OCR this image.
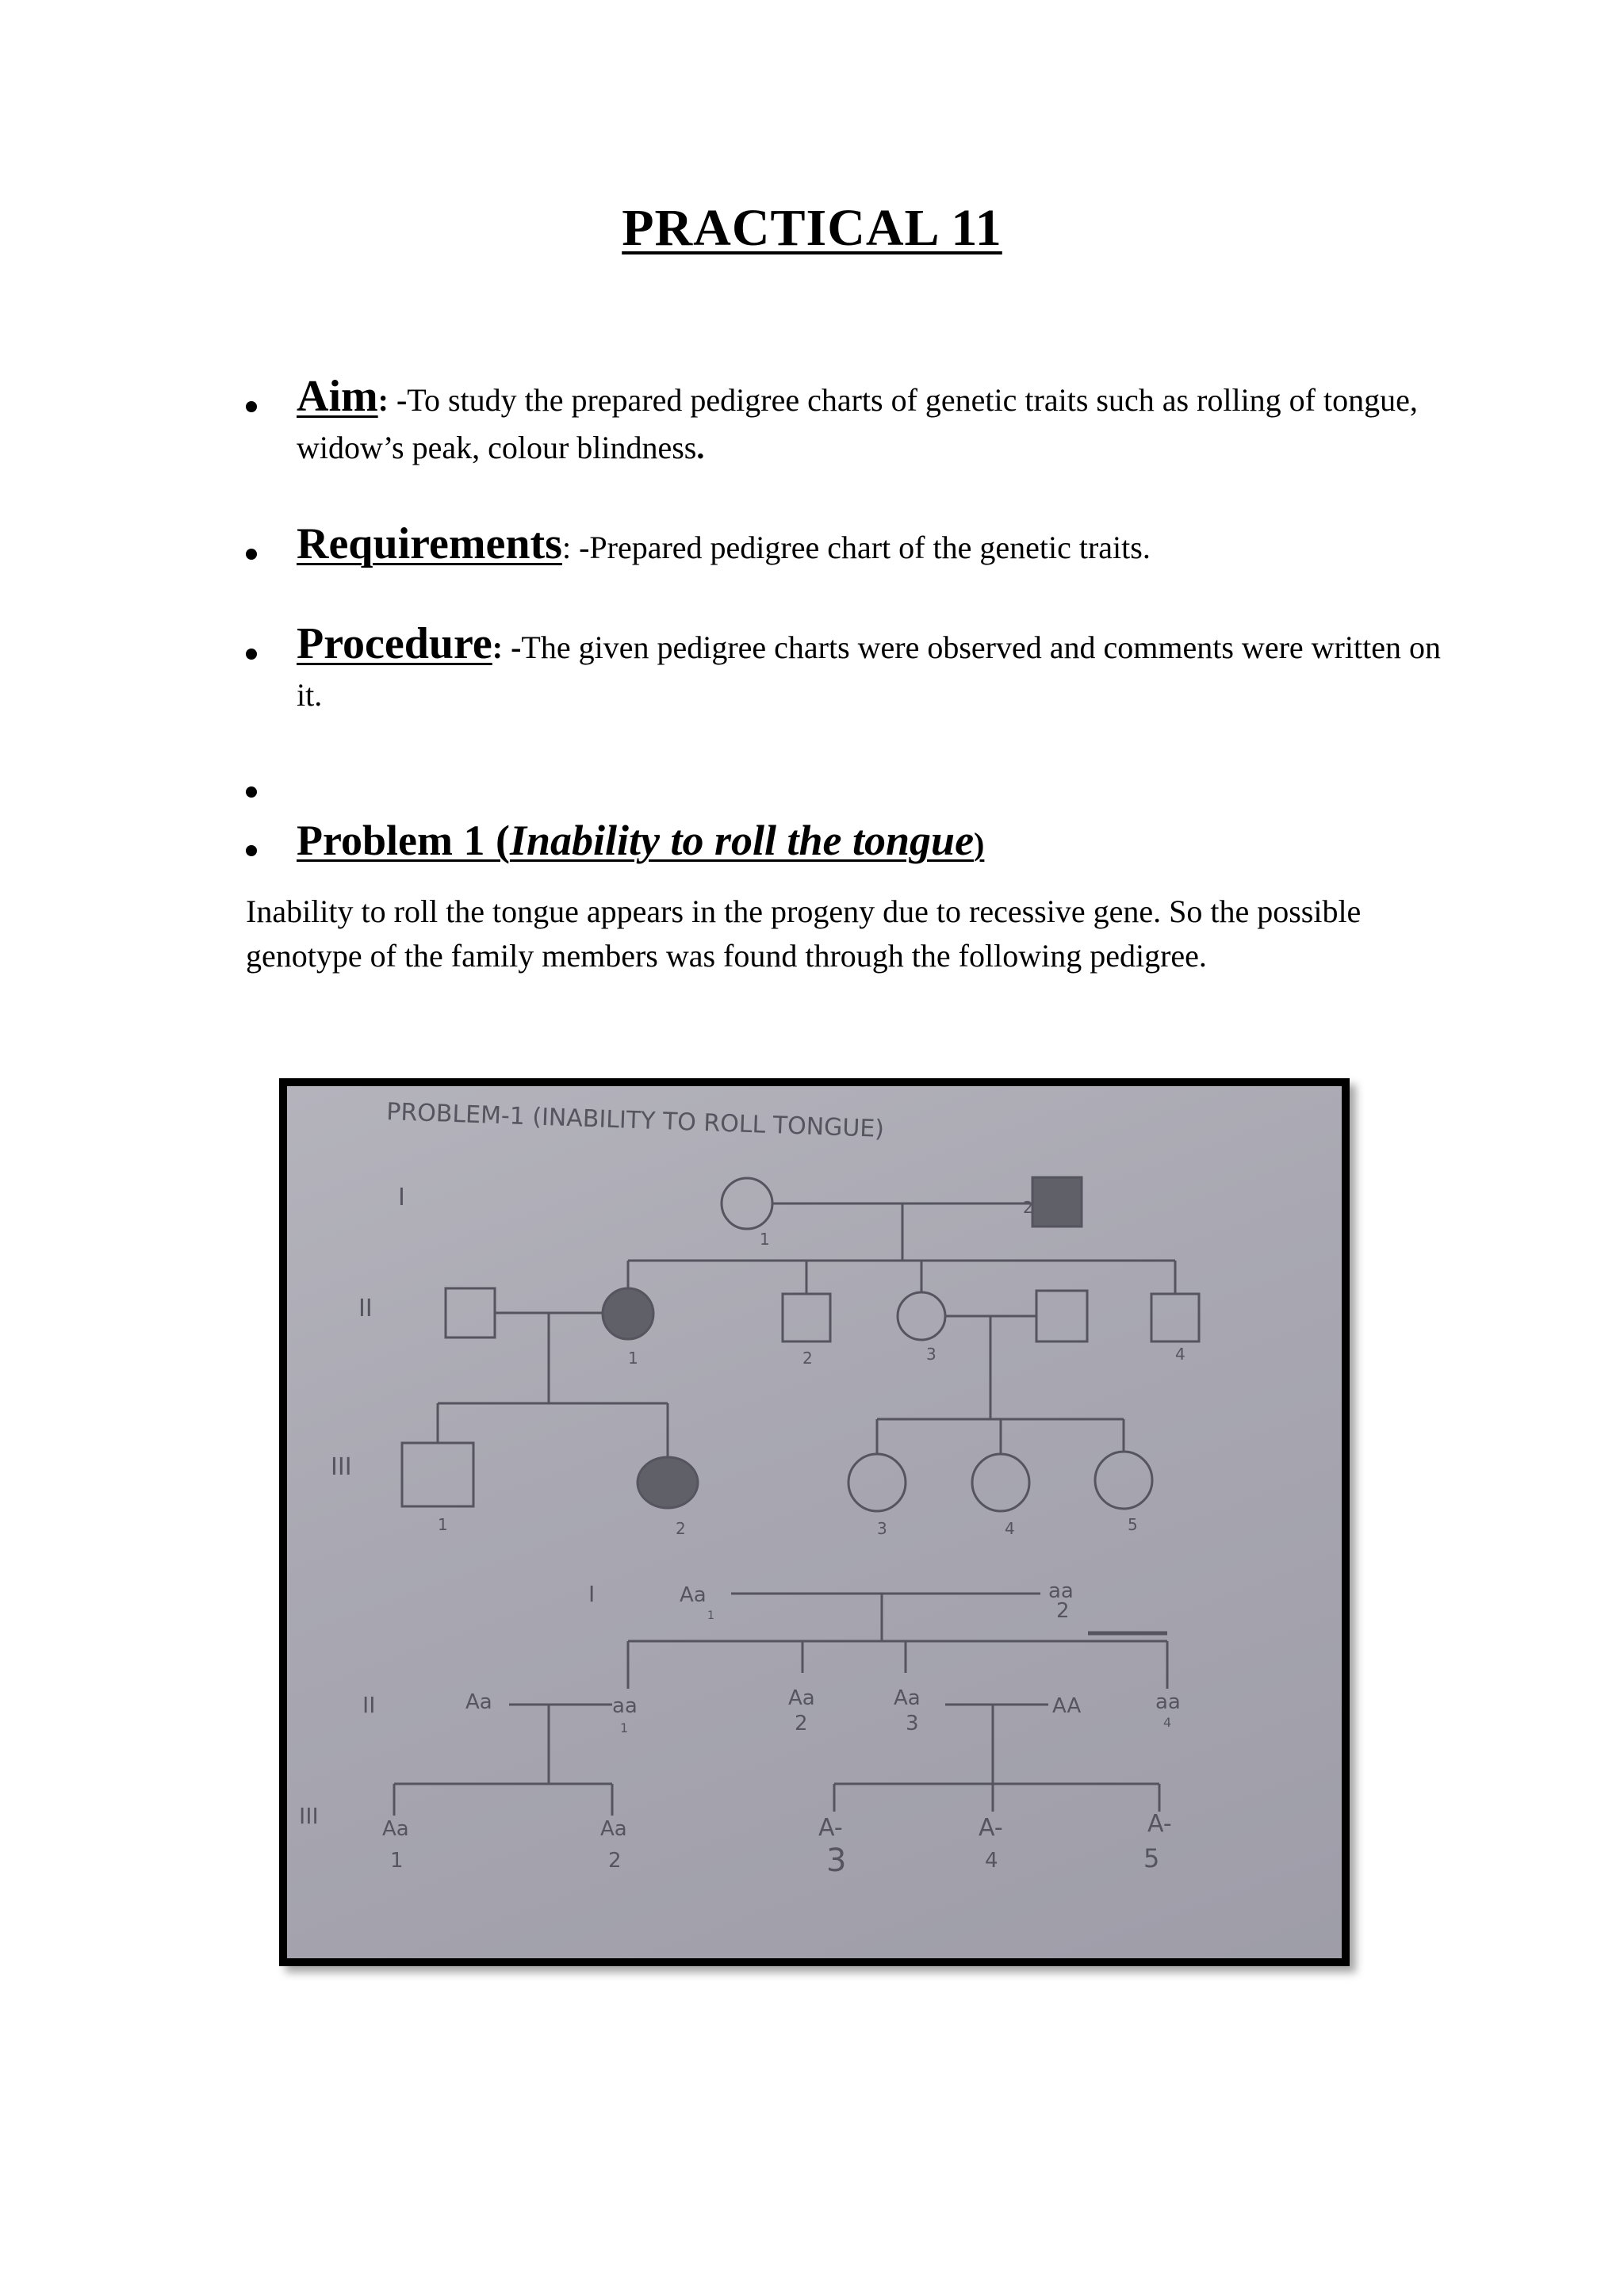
PRACTICAL 11
Aim: -To study the prepared pedigree charts of genetic traits such as rolling of tongue, widow’s peak, colour blindness.
Requirements: -Prepared pedigree chart of the genetic traits.
Procedure: -The given pedigree charts were observed and comments were written on it.
Problem 1 (Inability to roll the tongue)
Inability to roll the tongue appears in the progeny due to recessive gene. So the possible genotype of the family members was found through the following pedigree.
PROBLEM-1 (INABILITY TO ROLL TONGUE)
I
II
III
1
2
1	2	3	4
1	2	3	4	5
I
II
III
Aa
1
aa
2
Aa	aa
1
Aa
2
Aa
3
AA	aa
4
Aa
1
Aa
2
A-
3
A-
4
A-
5
